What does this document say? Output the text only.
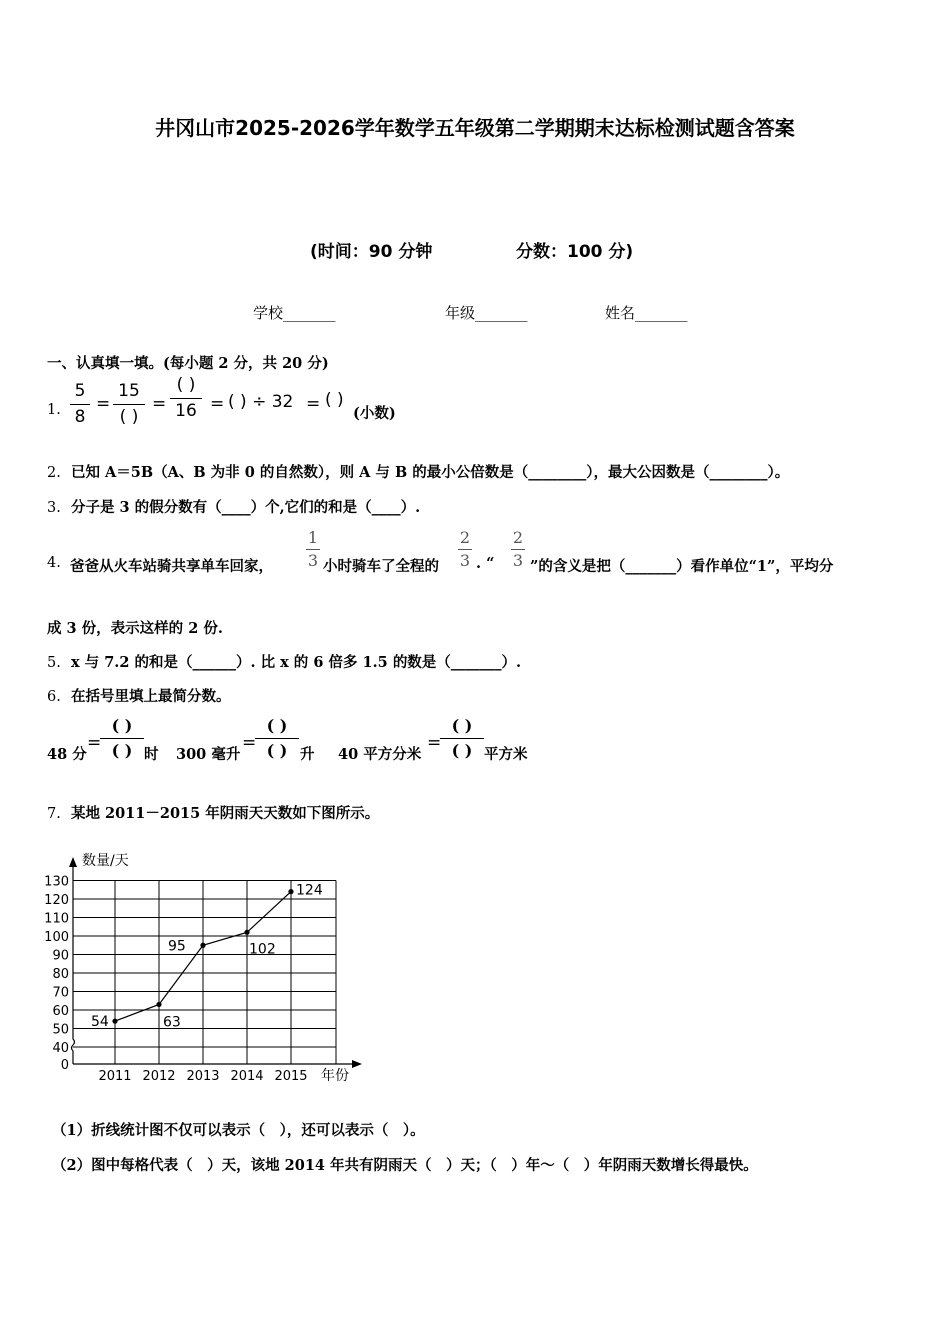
井冈山市2025-2026学年数学五年级第二学期期末达标检测试题含答案
(时间：90 分钟	分数：100 分)
学校_______	年级_______	姓名_______
一、认真填一填。(每小题 2 分，共 20 分)
1.
5
8
=
15
( )
=
( )
16 = ( ) ÷ 32 = ( )
(小数)
2. 已知 A＝5B（A、B 为非 0 的自然数），则 A 与 B 的最小公倍数是（________），最大公因数是（________）。
3. 分子是 3 的假分数有（____）个,它们的和是（____）.
4. 爸爸从火车站骑共享单车回家，
1
3 小时骑车了全程的
2
3 . “
2
3 ”的含义是把（_______）看作单位“1”，平均分
成 3 份，表示这样的 2 份.
5. x 与 7.2 的和是（______）. 比 x 的 6 倍多 1.5 的数是（_______）.
6. 在括号里填上最简分数。
48 分
=
( )
( ) 时 300 毫升
=
( )
( ) 升 40 平方分米
=
( )
( ) 平方米
7. 某地 2011－2015 年阴雨天天数如下图所示。
0
40
50
60
70
80
90
100
110
120
130
2011 2012 2013 2014 2015
54	63
95	102
124
数量/天
年份
（1）折线统计图不仅可以表示（　），还可以表示（　）。
（2）图中每格代表（　）天，该地 2014 年共有阴雨天（　）天；（　）年～（　）年阴雨天数增长得最快。
